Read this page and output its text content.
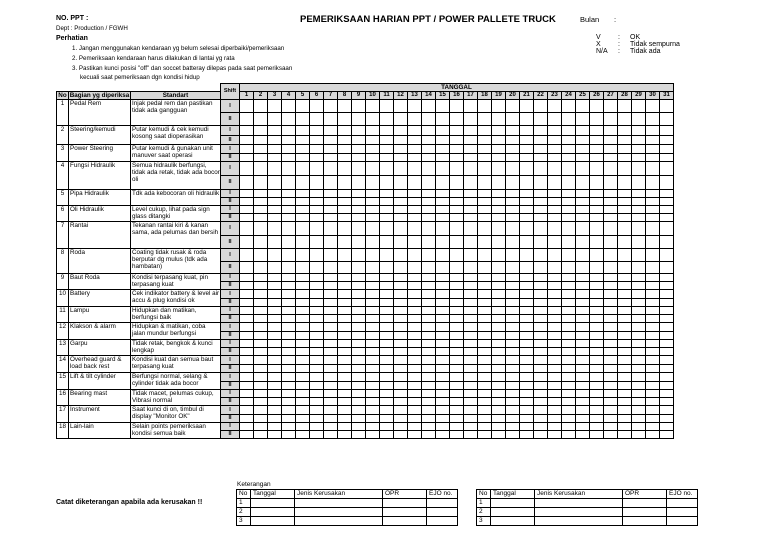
NO. PPT :
Dept : Production / FGWH
Perhatian
1. Jangan menggunakan kendaraan yg belum selesai diperbaiki/pemeriksaan
2. Pemeriksaan kendaraan harus dilakukan di lantai yg rata
3. Pastikan kunci posisi "off" dan soccet batteray dilepas pada saat pemeriksaan
kecuali saat pemeriksaan dgn kondisi hidup
PEMERIKSAAN HARIAN PPT / POWER PALLETE TRUCK	Bulan :
V	:	OK
X	:	Tidak sempurna
N/A	:	Tidak ada
			Shift	TANGGAL																														
No	Bagian yg diperiksa	Standart		1	2	3	4	5	6	7	8	9	10	11	12	13	14	15	16	17	18	19	20	21	22	23	24	25	26	27	28	29	30	31
1	Pedal Rem	Injak pedal rem dan pastikan tidak ada gangguan	I																															
			II																															
2	Steering/kemudi	Putar kemudi & cek kemudi kosong saat dioperasikan	I																															
			II																															
3	Power Steering	Putar kemudi & gunakan unit manuver saat operasi	I																															
			II																															
4	Fungsi Hidraulik	Semua hidraulik berfungsi, tidak ada retak, tidak ada bocor oli	I																															
			II																															
5	Pipa Hidraulik	Tdk ada kebocoran oli hidraulik	I																															
			II																															
6	Oli Hidraulik	Level cukup, lihat pada sign glass ditangki	I																															
			II																															
7	Rantai	Tekanan rantai kiri & kanan sama, ada pelumas dan bersih	I																															
			II																															
8	Roda	Coating tidak rusak & roda berputar dg mulus (tdk ada hambatan)	I																															
			II																															
9	Baut Roda	Kondisi terpasang kuat, pin terpasang kuat	I																															
			II																															
10	Battery	Cek indikator battery & level air accu & plug kondisi ok	I																															
			II																															
11	Lampu	Hidupkan dan matikan, berfungsi baik	I																															
			II																															
12	Klakson & alarm	Hidupkan & matikan, coba jalan mundur berfungsi	I																															
			II																															
13	Garpu	Tidak retak, bengkok & kunci lengkap	I																															
			II																															
14	Overhead guard & load back rest	Kondisi kuat dan semua baut terpasang kuat	I																															
			II																															
15	Lift & tilt cylinder	Berfungsi normal, selang & cylinder tidak ada bocor	I																															
			II																															
16	Bearing mast	Tidak macet, pelumas cukup, Vibrasi normal	I																															
			II																															
17	Instrument	Saat kunci di on, timbul di display "Monitor OK"	I																															
			II																															
18	Lain-lain	Selain points pemeriksaan kondisi semua baik	I																															
			II																															
Catat diketerangan apabila ada kerusakan !!
Keterangan
No	Tanggal	Jenis Kerusakan	OPR	EJO no.
1				
2				
3				
No	Tanggal	Jenis Kerusakan	OPR	EJO no.
1				
2				
3				
